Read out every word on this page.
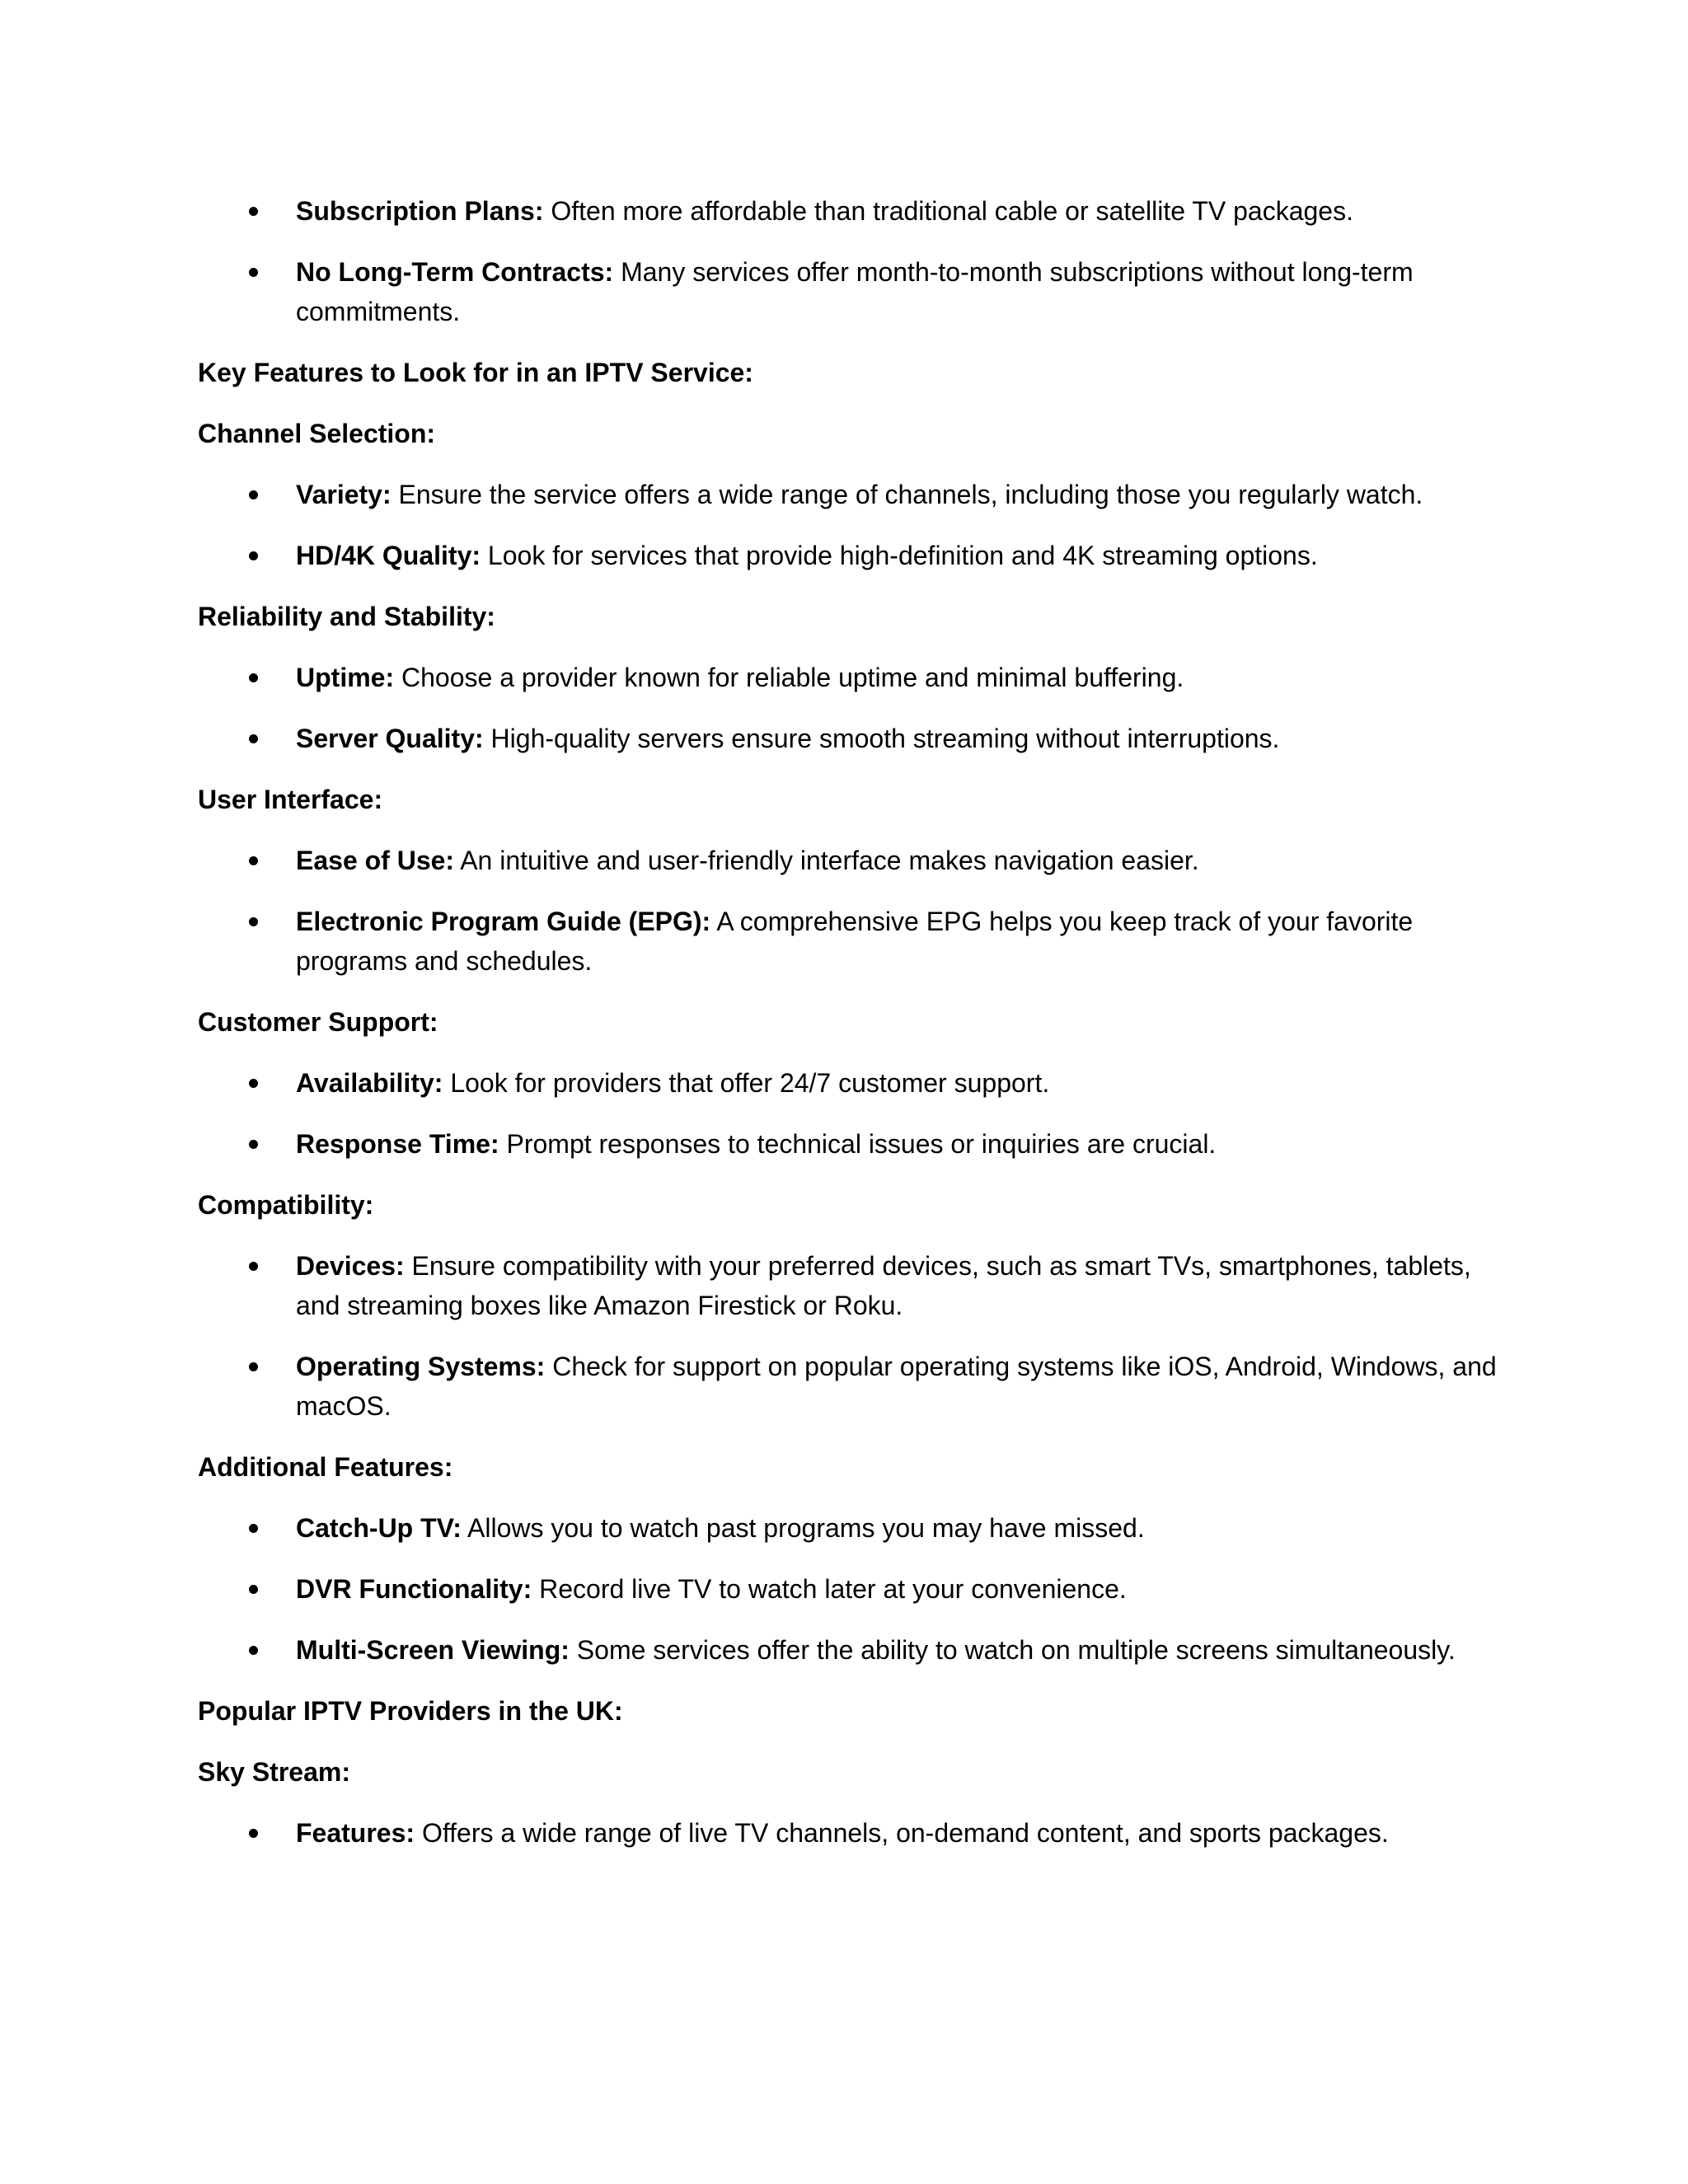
Subscription Plans: Often more affordable than traditional cable or satellite TV packages.
No Long-Term Contracts: Many services offer month-to-month subscriptions without long-term commitments.
Key Features to Look for in an IPTV Service:
Channel Selection:
Variety: Ensure the service offers a wide range of channels, including those you regularly watch.
HD/4K Quality: Look for services that provide high-definition and 4K streaming options.
Reliability and Stability:
Uptime: Choose a provider known for reliable uptime and minimal buffering.
Server Quality: High-quality servers ensure smooth streaming without interruptions.
User Interface:
Ease of Use: An intuitive and user-friendly interface makes navigation easier.
Electronic Program Guide (EPG): A comprehensive EPG helps you keep track of your favorite programs and schedules.
Customer Support:
Availability: Look for providers that offer 24/7 customer support.
Response Time: Prompt responses to technical issues or inquiries are crucial.
Compatibility:
Devices: Ensure compatibility with your preferred devices, such as smart TVs, smartphones, tablets, and streaming boxes like Amazon Firestick or Roku.
Operating Systems: Check for support on popular operating systems like iOS, Android, Windows, and macOS.
Additional Features:
Catch-Up TV: Allows you to watch past programs you may have missed.
DVR Functionality: Record live TV to watch later at your convenience.
Multi-Screen Viewing: Some services offer the ability to watch on multiple screens simultaneously.
Popular IPTV Providers in the UK:
Sky Stream:
Features: Offers a wide range of live TV channels, on-demand content, and sports packages.
